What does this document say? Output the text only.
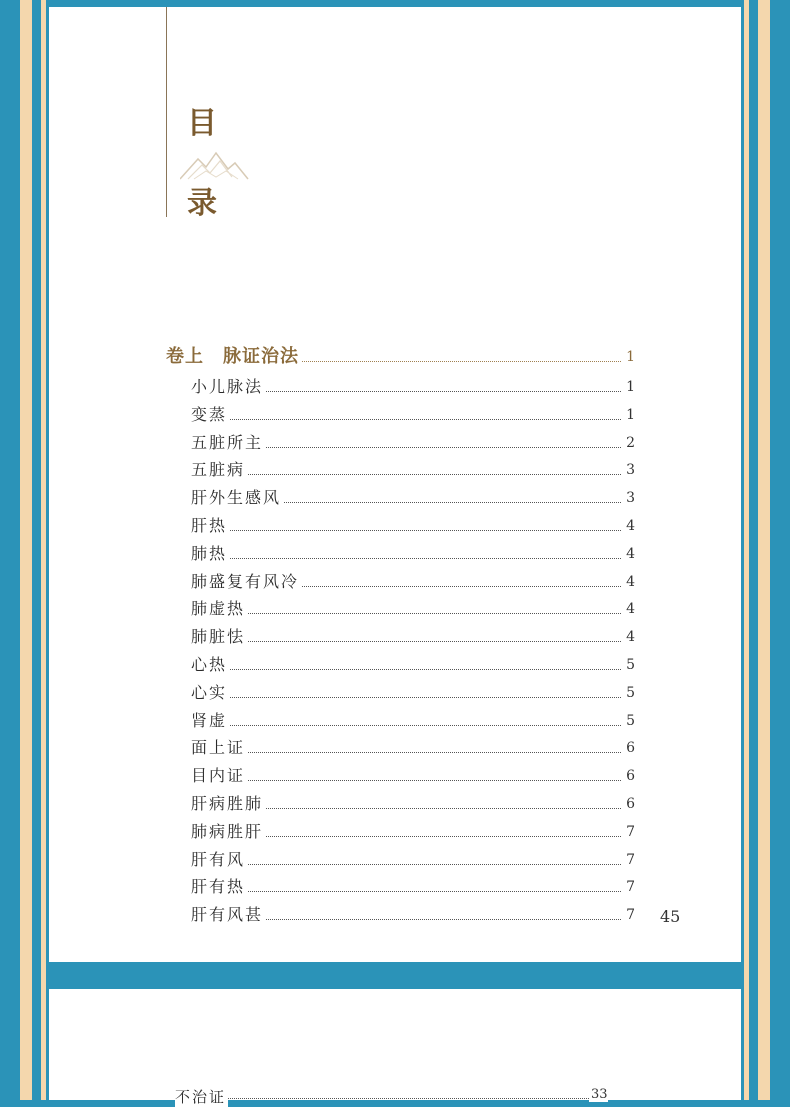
目
录
卷上　脉证治法	1
小儿脉法	1
变蒸	1
五脏所主	2
五脏病	3
肝外生感风	3
肝热	4
肺热	4
肺盛复有风冷	4
肺虚热	4
肺脏怯	4
心热	5
心实	5
肾虚	5
面上证	6
目内证	6
肝病胜肺	6
肺病胜肝	7
肝有风	7
肝有热	7
肝有风甚	7 45
不治证	33
